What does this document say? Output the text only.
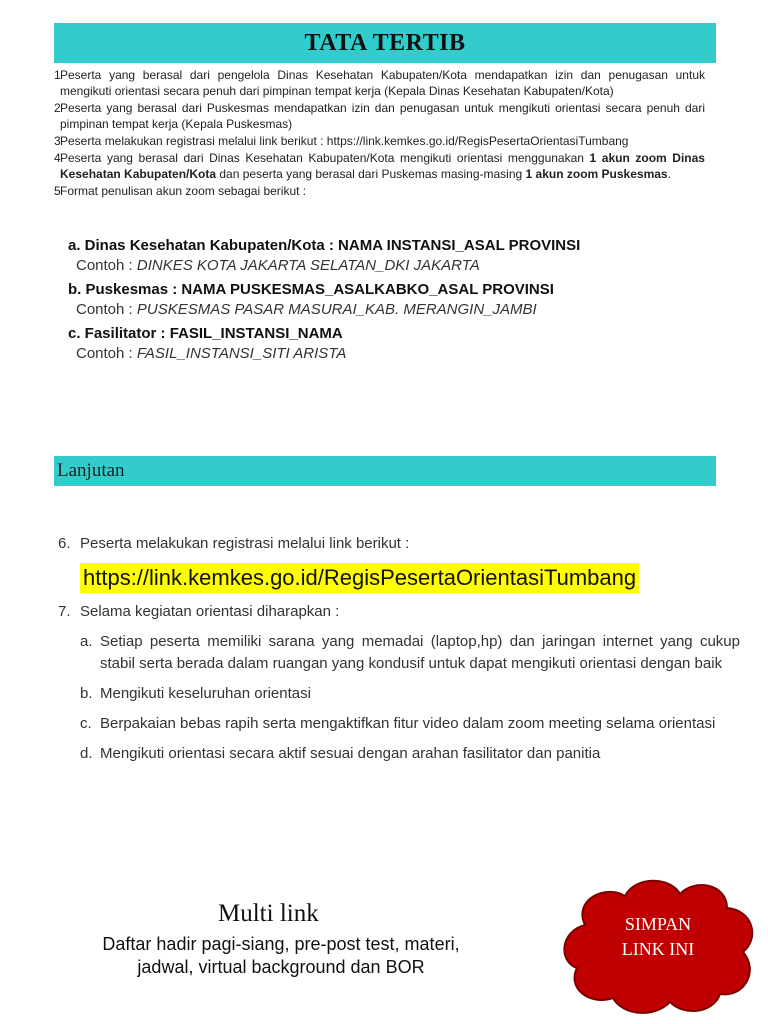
TATA TERTIB
1 Peserta yang berasal dari pengelola Dinas Kesehatan Kabupaten/Kota mendapatkan izin dan penugasan untuk mengikuti orientasi secara penuh dari pimpinan tempat kerja (Kepala Dinas Kesehatan Kabupaten/Kota)
2 Peserta yang berasal dari Puskesmas mendapatkan izin dan penugasan untuk mengikuti orientasi secara penuh dari pimpinan tempat kerja (Kepala Puskesmas)
3 Peserta melakukan registrasi melalui link berikut : https://link.kemkes.go.id/RegisPesertaOrientasiTumbang
4 Peserta yang berasal dari Dinas Kesehatan Kabupaten/Kota mengikuti orientasi menggunakan 1 akun zoom Dinas Kesehatan Kabupaten/Kota dan peserta yang berasal dari Puskemas masing-masing 1 akun zoom Puskesmas.
5 Format penulisan akun zoom sebagai berikut :
a. Dinas Kesehatan Kabupaten/Kota : NAMA INSTANSI_ASAL PROVINSI
Contoh : DINKES KOTA JAKARTA SELATAN_DKI JAKARTA
b. Puskesmas : NAMA PUSKESMAS_ASALKABKO_ASAL PROVINSI
Contoh : PUSKESMAS PASAR MASURAI_KAB. MERANGIN_JAMBI
c. Fasilitator : FASIL_INSTANSI_NAMA
Contoh : FASIL_INSTANSI_SITI ARISTA
Lanjutan
6. Peserta melakukan registrasi melalui link berikut :
https://link.kemkes.go.id/RegisPesertaOrientasiTumbang
7. Selama kegiatan orientasi diharapkan :
a. Setiap peserta memiliki sarana yang memadai (laptop,hp) dan jaringan internet yang cukup stabil serta berada dalam ruangan yang kondusif untuk dapat mengikuti orientasi dengan baik
b. Mengikuti keseluruhan orientasi
c. Berpakaian bebas rapih serta mengaktifkan fitur video dalam zoom meeting selama orientasi
d. Mengikuti orientasi secara aktif sesuai dengan arahan fasilitator dan panitia
Multi link
Daftar hadir pagi-siang, pre-post test, materi, jadwal, virtual background dan BOR
SIMPAN
LINK INI
